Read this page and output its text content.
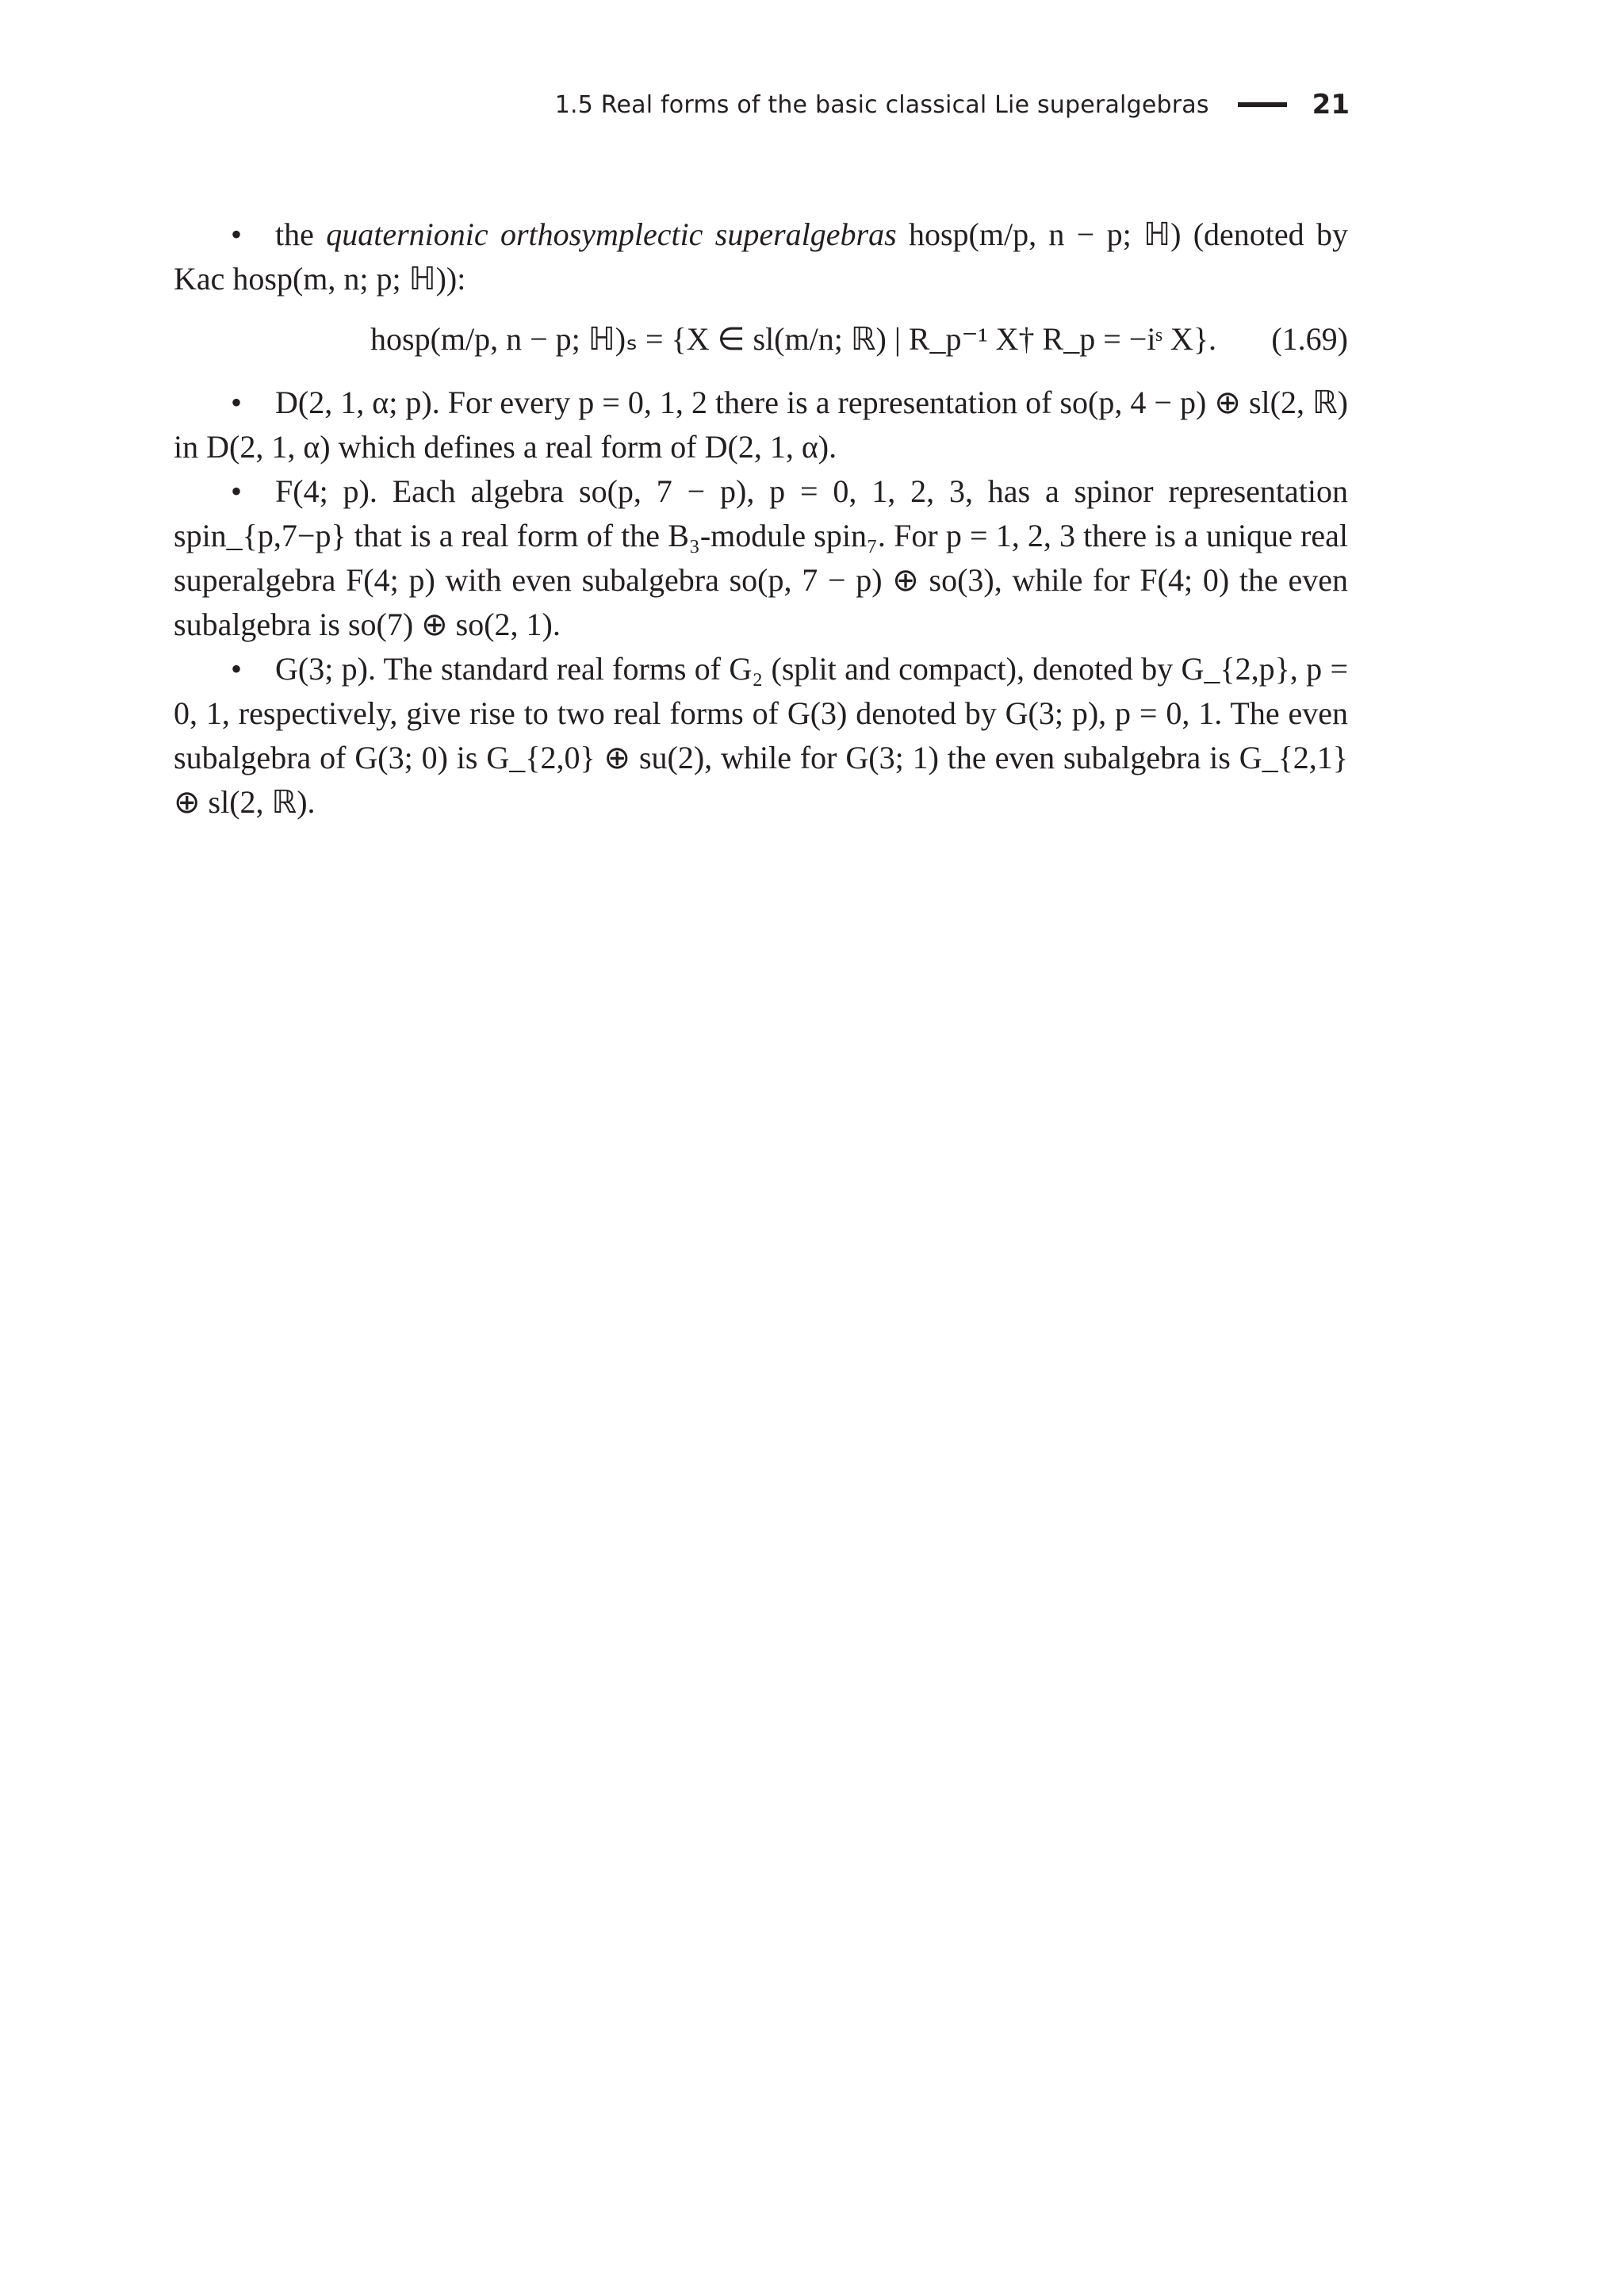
1.5 Real forms of the basic classical Lie superalgebras	21

• the quaternionic orthosymplectic superalgebras hosp(m/p, n − p; ℍ) (denoted by Kac hosp(m, n; p; ℍ)):

hosp(m/p, n − p; ℍ)ₛ = {X ∈ sl(m/n; ℝ) | R_p⁻¹ X† R_p = −iˢ X}. (1.69)

• D(2, 1, α; p). For every p = 0, 1, 2 there is a representation of so(p, 4 − p) ⊕ sl(2, ℝ) in D(2, 1, α) which defines a real form of D(2, 1, α).

• F(4; p). Each algebra so(p, 7 − p), p = 0, 1, 2, 3, has a spinor representation spin_{p,7−p} that is a real form of the B₃-module spin₇. For p = 1, 2, 3 there is a unique real superalgebra F(4; p) with even subalgebra so(p, 7 − p) ⊕ so(3), while for F(4; 0) the even subalgebra is so(7) ⊕ so(2, 1).

• G(3; p). The standard real forms of G₂ (split and compact), denoted by G_{2,p}, p = 0, 1, respectively, give rise to two real forms of G(3) denoted by G(3; p), p = 0, 1. The even subalgebra of G(3; 0) is G_{2,0} ⊕ su(2), while for G(3; 1) the even subalgebra is G_{2,1} ⊕ sl(2, ℝ).
